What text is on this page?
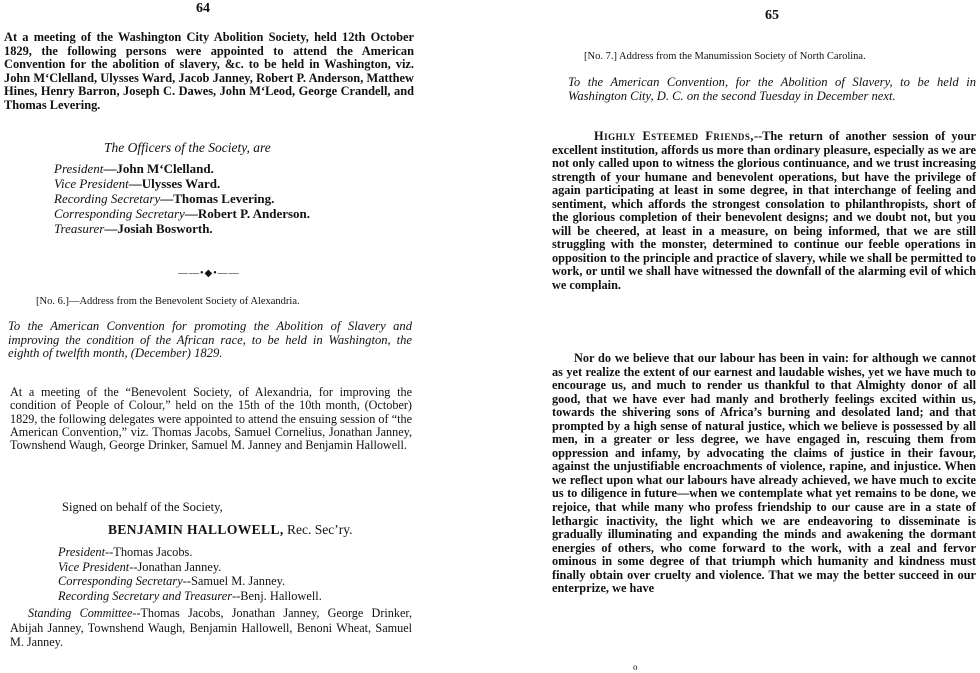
64

At a meeting of the Washington City Abolition Society, held 12th October 1829, the following persons were appointed to attend the American Convention for the abolition of slavery, &c. to be held in Washington, viz. John M‘Clelland, Ulysses Ward, Jacob Janney, Robert P. Anderson, Matthew Hines, Henry Barron, Joseph C. Dawes, John M‘Leod, George Crandell, and Thomas Levering.

The Officers of the Society, are

President—John M‘Clelland.
Vice President—Ulysses Ward.
Recording Secretary—Thomas Levering.
Corresponding Secretary—Robert P. Anderson.
Treasurer—Josiah Bosworth.
——•◆•——

[No. 6.]—Address from the Benevolent Society of Alexandria.

To the American Convention for promoting the Abolition of Slavery and improving the condition of the African race, to be held in Washington, the eighth of twelfth month, (December) 1829.

At a meeting of the “Benevolent Society, of Alexandria, for improving the condition of People of Colour,” held on the 15th of the 10th month, (October) 1829, the following delegates were appointed to attend the ensuing session of “the American Convention,” viz. Thomas Jacobs, Samuel Cornelius, Jonathan Janney, Townshend Waugh, George Drinker, Samuel M. Janney and Benjamin Hallowell.

Signed on behalf of the Society,

BENJAMIN HALLOWELL, Rec. Sec’ry.

President--Thomas Jacobs.
Vice President--Jonathan Janney.
Corresponding Secretary--Samuel M. Janney.
Recording Secretary and Treasurer--Benj. Hallowell.

Standing Committee--Thomas Jacobs, Jonathan Janney, George Drinker, Abijah Janney, Townshend Waugh, Benjamin Hallowell, Benoni Wheat, Samuel M. Janney.

65

[No. 7.] Address from the Manumission Society of North Carolina.

To the American Convention, for the Abolition of Slavery, to be held in Washington City, D. C. on the second Tuesday in December next.

Highly Esteemed Friends,--The return of another session of your excellent institution, affords us more than ordinary pleasure, especially as we are not only called upon to witness the glorious continuance, and we trust increasing strength of your humane and benevolent operations, but have the privilege of again participating at least in some degree, in that interchange of feeling and sentiment, which affords the strongest consolation to philanthropists, short of the glorious completion of their benevolent designs; and we doubt not, but you will be cheered, at least in a measure, on being informed, that we are still struggling with the monster, determined to continue our feeble operations in opposition to the principle and practice of slavery, while we shall be permitted to work, or until we shall have witnessed the downfall of the alarming evil of which we complain.

Nor do we believe that our labour has been in vain: for although we cannot as yet realize the extent of our earnest and laudable wishes, yet we have much to encourage us, and much to render us thankful to that Almighty donor of all good, that we have ever had manly and brotherly feelings excited within us, towards the shivering sons of Africa’s burning and desolated land; and that prompted by a high sense of natural justice, which we believe is possessed by all men, in a greater or less degree, we have engaged in, rescuing them from oppression and infamy, by advocating the claims of justice in their favour, against the unjustifiable encroachments of violence, rapine, and injustice. When we reflect upon what our labours have already achieved, we have much to excite us to diligence in future—when we contemplate what yet remains to be done, we rejoice, that while many who profess friendship to our cause are in a state of lethargic inactivity, the light which we are endeavoring to disseminate is gradually illuminating and expanding the minds and awakening the dormant energies of others, who come forward to the work, with a zeal and fervor ominous in some degree of that triumph which humanity and kindness must finally obtain over cruelty and violence. That we may the better succeed in our enterprize, we have

o
